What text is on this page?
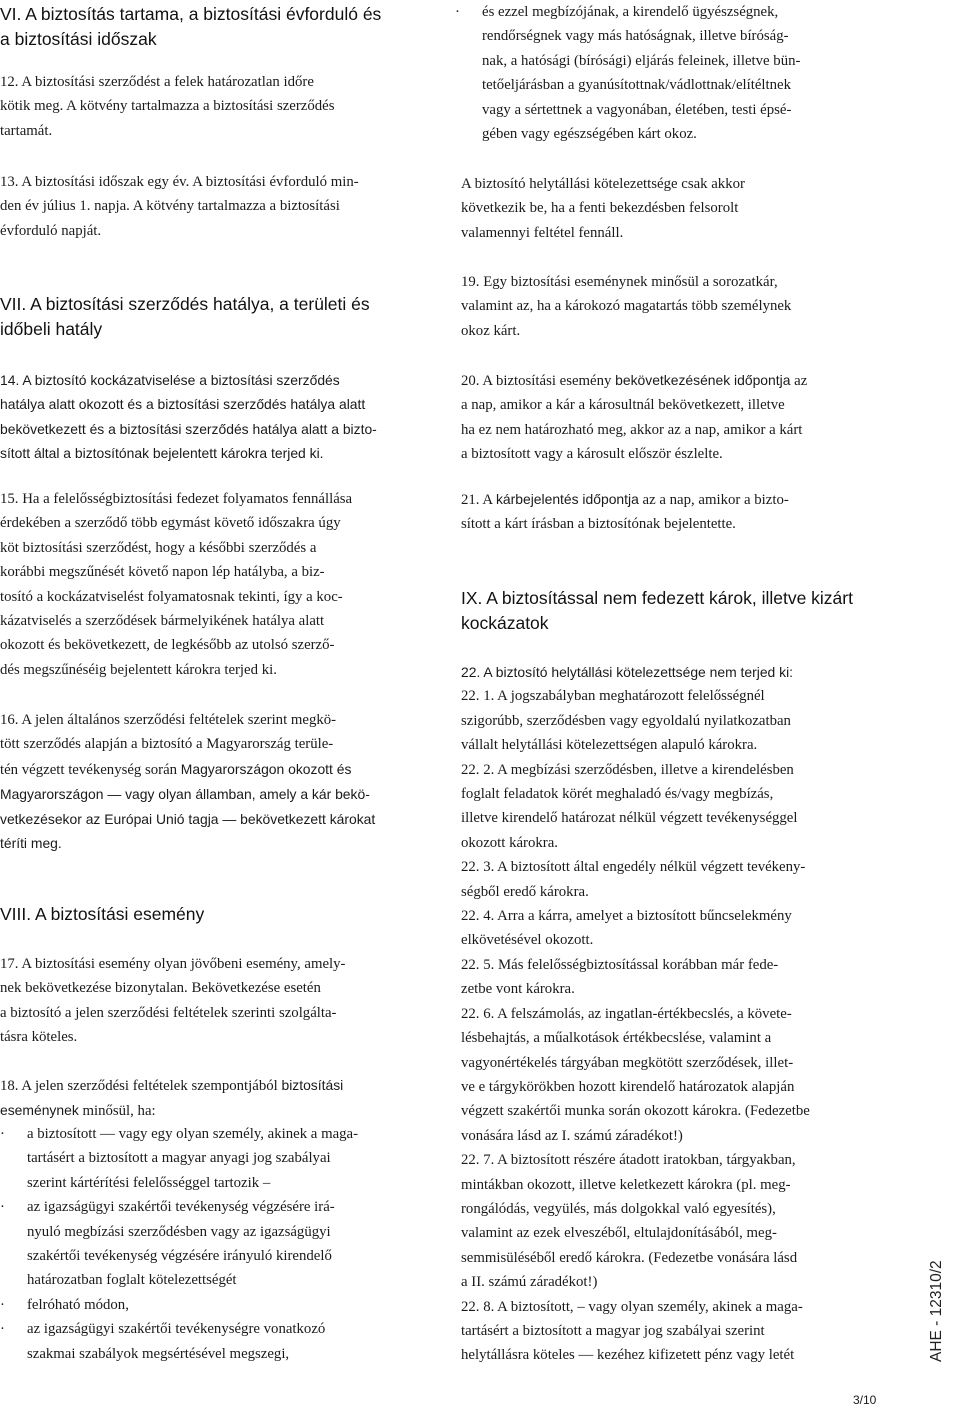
VI. A biztosítás tartama, a biztosítási évforduló és
a biztosítási időszak
12. A biztosítási szerződést a felek határozatlan időre
kötik meg. A kötvény tartalmazza a biztosítási szerződés
tartamát.
13. A biztosítási időszak egy év. A biztosítási évforduló min-
den év július 1. napja. A kötvény tartalmazza a biztosítási
évforduló napját.
VII. A biztosítási szerződés hatálya, a területi és
időbeli hatály
14. A biztosító kockázatviselése a biztosítási szerződés
hatálya alatt okozott és a biztosítási szerződés hatálya alatt
bekövetkezett és a biztosítási szerződés hatálya alatt a bizto-
sított által a biztosítónak bejelentett károkra terjed ki.
15. Ha a felelősségbiztosítási fedezet folyamatos fennállása
érdekében a szerződő több egymást követő időszakra úgy
köt biztosítási szerződést, hogy a későbbi szerződés a
korábbi megszűnését követő napon lép hatályba, a biz-
tosító a kockázatviselést folyamatosnak tekinti, így a koc-
kázatviselés a szerződések bármelyikének hatálya alatt
okozott és bekövetkezett, de legkésőbb az utolsó szerző-
dés megszűnéséig bejelentett károkra terjed ki.
16. A jelen általános szerződési feltételek szerint megkö-
tött szerződés alapján a biztosító a Magyarország terüle-
tén végzett tevékenység során Magyarországon okozott és
Magyarországon — vagy olyan államban, amely a kár bekö-
vetkezésekor az Európai Unió tagja — bekövetkezett károkat
téríti meg.
VIII. A biztosítási esemény
17. A biztosítási esemény olyan jövőbeni esemény, amely-
nek bekövetkezése bizonytalan. Bekövetkezése esetén
a biztosító a jelen szerződési feltételek szerinti szolgálta-
tásra köteles.
18. A jelen szerződési feltételek szempontjából biztosítási
eseménynek minősül, ha:
· a biztosított — vagy egy olyan személy, akinek a maga-
tartásért a biztosított a magyar anyagi jog szabályai
szerint kártérítési felelősséggel tartozik –
· az igazságügyi szakértői tevékenység végzésére irá-
nyuló megbízási szerződésben vagy az igazságügyi
szakértői tevékenység végzésére irányuló kirendelő
határozatban foglalt kötelezettségét
· felróható módon,
· az igazságügyi szakértői tevékenységre vonatkozó
szakmai szabályok megsértésével megszegi,
· és ezzel megbízójának, a kirendelő ügyészségnek,
rendőrségnek vagy más hatóságnak, illetve bíróság-
nak, a hatósági (bírósági) eljárás feleinek, illetve bün-
tetőeljárásban a gyanúsítottnak/vádlottnak/elítéltnek
vagy a sértettnek a vagyonában, életében, testi épsé-
gében vagy egészségében kárt okoz.
A biztosító helytállási kötelezettsége csak akkor
következik be, ha a fenti bekezdésben felsorolt
valamennyi feltétel fennáll.
19. Egy biztosítási eseménynek minősül a sorozatkár,
valamint az, ha a károkozó magatartás több személynek
okoz kárt.
20. A biztosítási esemény bekövetkezésének időpontja az
a nap, amikor a kár a károsultnál bekövetkezett, illetve
ha ez nem határozható meg, akkor az a nap, amikor a kárt
a biztosított vagy a károsult először észlelte.
21. A kárbejelentés időpontja az a nap, amikor a bizto-
sított a kárt írásban a biztosítónak bejelentette.
IX. A biztosítással nem fedezett károk, illetve kizárt
kockázatok
22. A biztosító helytállási kötelezettsége nem terjed ki:
22. 1. A jogszabályban meghatározott felelősségnél
szigorúbb, szerződésben vagy egyoldalú nyilatkozatban
vállalt helytállási kötelezettségen alapuló károkra.
22. 2. A megbízási szerződésben, illetve a kirendelésben
foglalt feladatok körét meghaladó és/vagy megbízás,
illetve kirendelő határozat nélkül végzett tevékenységgel
okozott károkra.
22. 3. A biztosított által engedély nélkül végzett tevékeny-
ségből eredő károkra.
22. 4. Arra a kárra, amelyet a biztosított bűncselekmény
elkövetésével okozott.
22. 5. Más felelősségbiztosítással korábban már fede-
zetbe vont károkra.
22. 6. A felszámolás, az ingatlan-értékbecslés, a követe-
lésbehajtás, a műalkotások értékbecslése, valamint a
vagyonértékelés tárgyában megkötött szerződések, illet-
ve e tárgykörökben hozott kirendelő határozatok alapján
végzett szakértői munka során okozott károkra. (Fedezetbe
vonására lásd az I. számú záradékot!)
22. 7. A biztosított részére átadott iratokban, tárgyakban,
mintákban okozott, illetve keletkezett károkra (pl. meg-
rongálódás, vegyülés, más dolgokkal való egyesítés),
valamint az ezek elveszéből, eltulajdonításából, meg-
semmisüléséből eredő károkra. (Fedezetbe vonására lásd
a II. számú záradékot!)
22. 8. A biztosított, – vagy olyan személy, akinek a maga-
tartásért a biztosított a magyar jog szabályai szerint
helytállásra köteles — kezéhez kifizetett pénz vagy letét	AHE - 12310/2
3/10
